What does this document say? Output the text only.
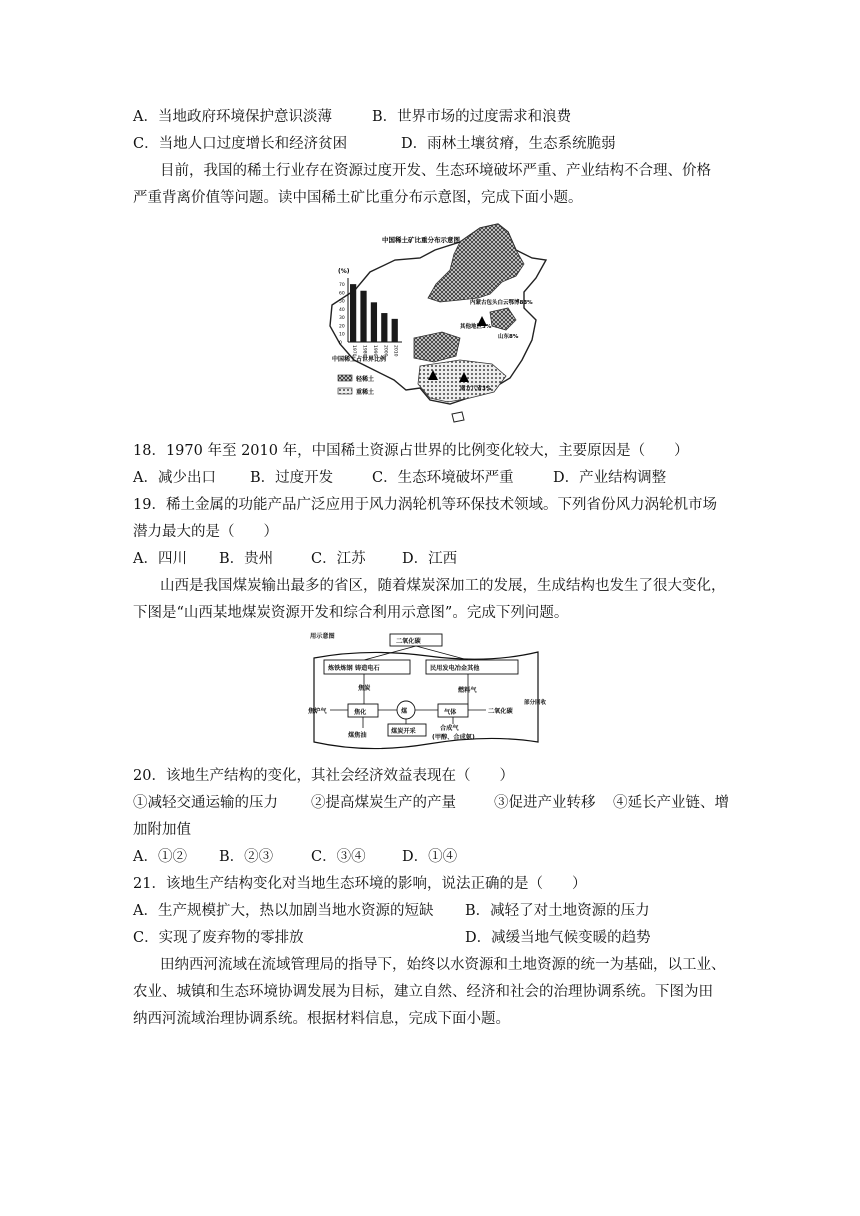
A．当地政府环境保护意识淡薄	B．世界市场的过度需求和浪费
C．当地人口过度增长和经济贫困	D．雨林土壤贫瘠，生态系统脆弱
目前，我国的稀土行业存在资源过度开发、生态环境破坏严重、产业结构不合理、价格
严重背离价值等问题。读中国稀土矿比重分布示意图，完成下面小题。
70
60
50
40
30
20
10
0
1970 1980 1990 2000 2010
中国稀土矿比重分布示意图
(%)
中国稀土占世界比例
内蒙古包头白云鄂博83%
其他地区3%
山东8%
南方八省3%
轻稀土
重稀土
18．1970 年至 2010 年，中国稀土资源占世界的比例变化较大，主要原因是（　　）
A．减少出口 B．过度开发	C．生态环境破坏严重	D．产业结构调整
19．稀土金属的功能产品广泛应用于风力涡轮机等环保技术领域。下列省份风力涡轮机市场
潜力最大的是（　　）
A．四川 B．贵州	C．江苏	D．江西
山西是我国煤炭输出最多的省区，随着煤炭深加工的发展，生成结构也发生了很大变化，
下图是“山西某地煤炭资源开发和综合利用示意图”。完成下列问题。
用示意图
二氧化碳
炼铁炼钢 铸造电石	民用发电冶金其他
焦炭	燃料气
焦化	煤	气体	二氧化碳
部分回收
焦炉气
煤焦油
煤炭开采	合成气
(甲醇、合成氨)
20．该地生产结构的变化，其社会经济效益表现在（　　）
①减轻交通运输的压力 ②提高煤炭生产的产量	③促进产业转移 ④延长产业链、增
加附加值
A．①② B．②③	C．③④	D．①④
21．该地生产结构变化对当地生态环境的影响，说法正确的是（　　）
A．生产规模扩大，热以加剧当地水资源的短缺 B．减轻了对土地资源的压力
C．实现了废弃物的零排放	D．减缓当地气候变暖的趋势
田纳西河流域在流域管理局的指导下，始终以水资源和土地资源的统一为基础，以工业、
农业、城镇和生态环境协调发展为目标，建立自然、经济和社会的治理协调系统。下图为田
纳西河流域治理协调系统。根据材料信息，完成下面小题。
